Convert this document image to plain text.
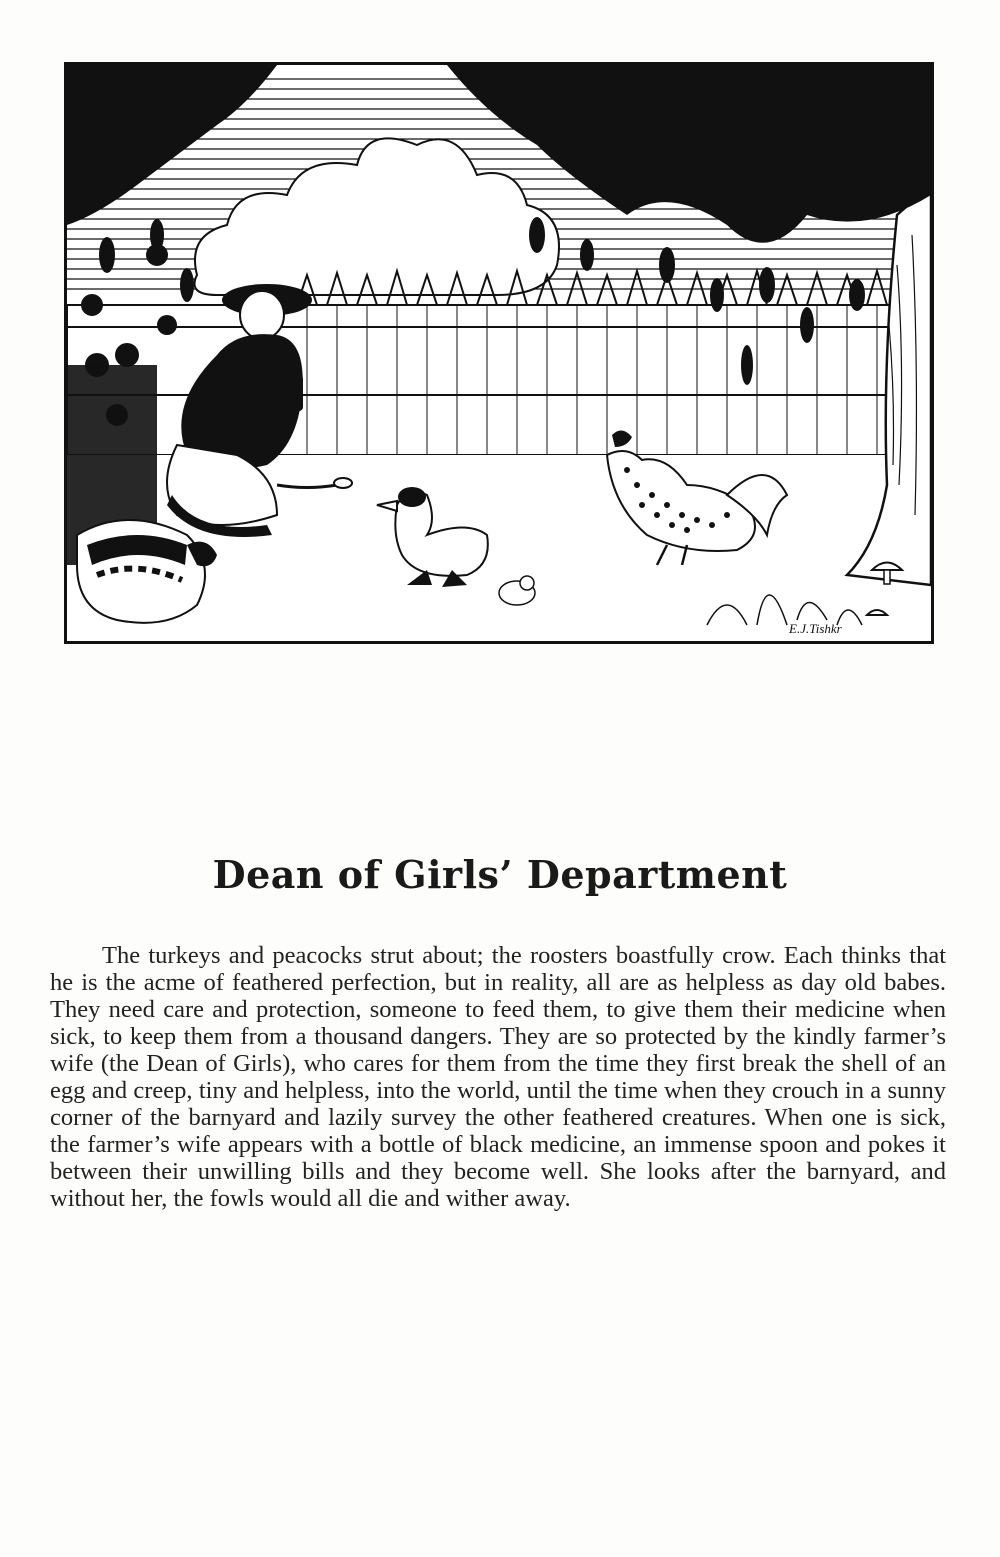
E.J.Tishkr
Dean of Girls’ Department

The turkeys and peacocks strut about; the roosters boastfully crow. Each thinks that he is the acme of feathered perfection, but in reality, all are as helpless as day old babes. They need care and protection, someone to feed them, to give them their medicine when sick, to keep them from a thousand dangers. They are so protected by the kindly farmer’s wife (the Dean of Girls), who cares for them from the time they first break the shell of an egg and creep, tiny and helpless, into the world, until the time when they crouch in a sunny corner of the barnyard and lazily survey the other feathered creatures. When one is sick, the farmer’s wife appears with a bottle of black medicine, an immense spoon and pokes it between their unwilling bills and they become well. She looks after the barnyard, and without her, the fowls would all die and wither away.
